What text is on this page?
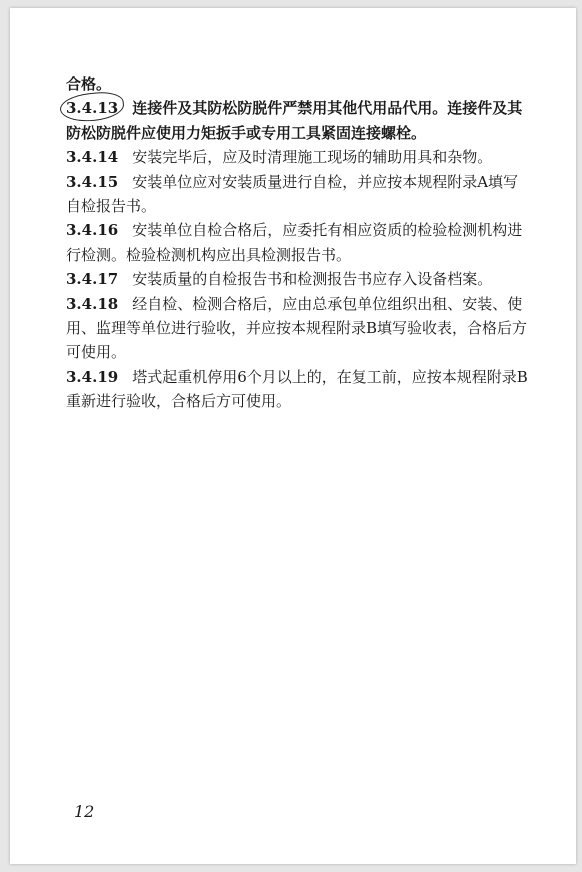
合格。

3.4.13 连接件及其防松防脱件严禁用其他代用品代用。连接件及其防松防脱件应使用力矩扳手或专用工具紧固连接螺栓。

3.4.14 安装完毕后，应及时清理施工现场的辅助用具和杂物。

3.4.15 安装单位应对安装质量进行自检，并应按本规程附录A填写自检报告书。

3.4.16 安装单位自检合格后，应委托有相应资质的检验检测机构进行检测。检验检测机构应出具检测报告书。

3.4.17 安装质量的自检报告书和检测报告书应存入设备档案。

3.4.18 经自检、检测合格后，应由总承包单位组织出租、安装、使用、监理等单位进行验收，并应按本规程附录B填写验收表，合格后方可使用。

3.4.19 塔式起重机停用6个月以上的，在复工前，应按本规程附录B重新进行验收，合格后方可使用。

12
